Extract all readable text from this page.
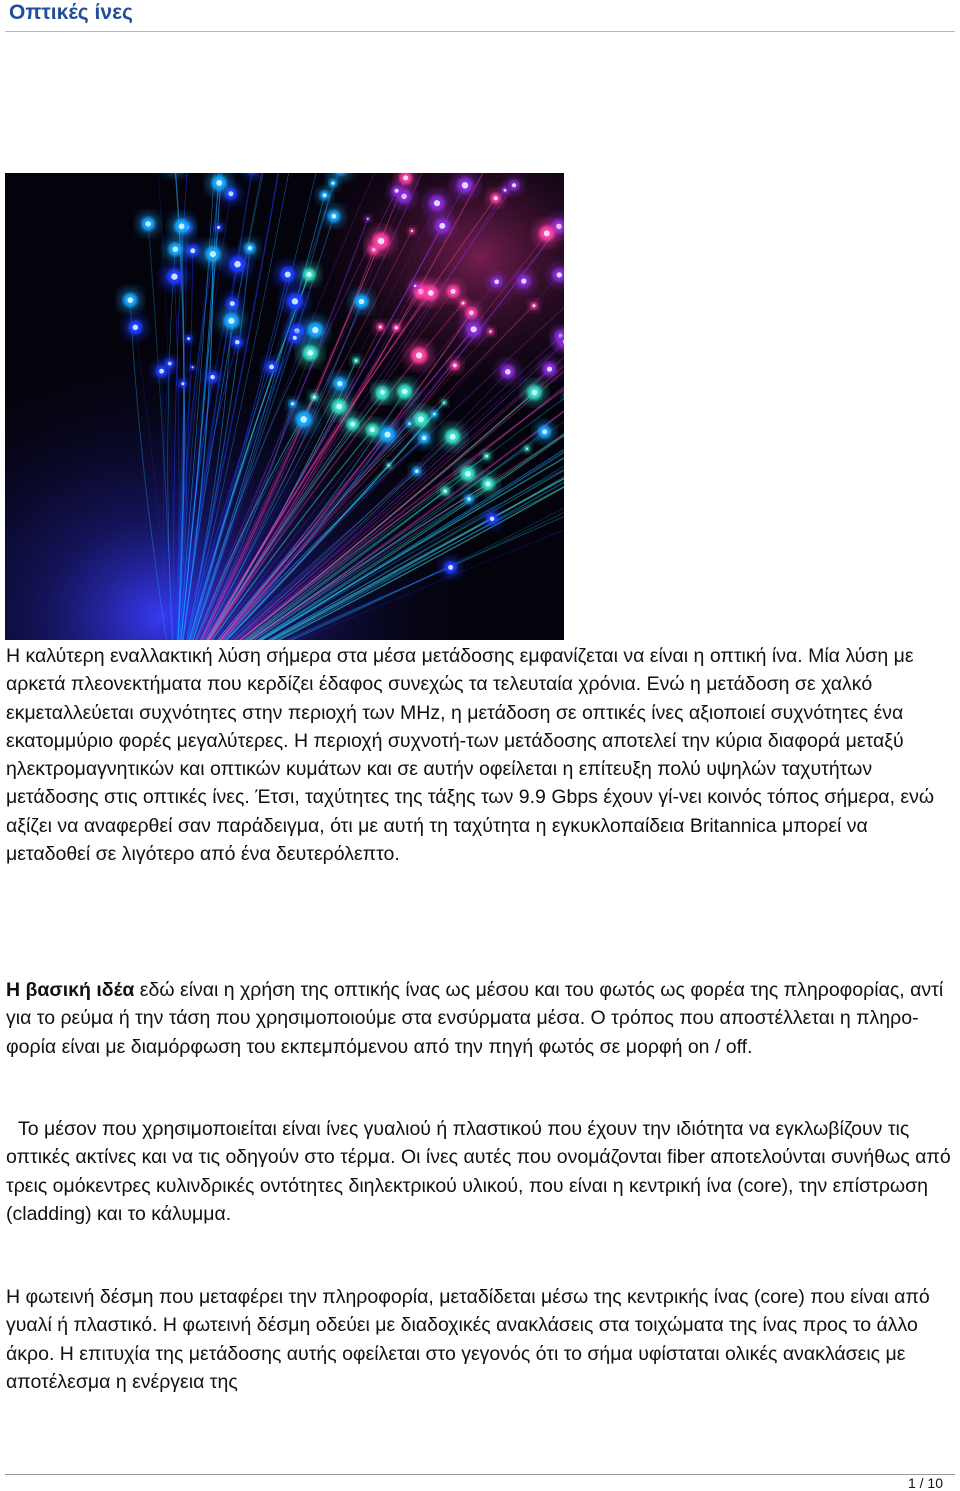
Οπτικές ίνες

Η καλύτερη εναλλακτική λύση σήμερα στα μέσα μετάδοσης εμφανίζεται να είναι η οπτική ίνα. Μία λύση με αρκετά πλεονεκτήματα που κερδίζει έδαφος συνεχώς τα τελευταία χρόνια. Ενώ η μετάδοση σε χαλκό εκμεταλλεύεται συχνότητες στην περιοχή των MHz, η μετάδοση σε οπτικές ίνες αξιοποιεί συχνότητες ένα εκατομμύριο φορές μεγαλύτερες. Η περιοχή συχνοτή-των μετάδοσης αποτελεί την κύρια διαφορά μεταξύ ηλεκτρομαγνητικών και οπτικών κυμάτων και σε αυτήν οφείλεται η επίτευξη πολύ υψηλών ταχυτήτων μετάδοσης στις οπτικές ίνες. Έτσι, ταχύτητες της τάξης των 9.9 Gbps έχουν γί-νει κοινός τόπος σήμερα, ενώ αξίζει να αναφερθεί σαν παράδειγμα, ότι με αυτή τη ταχύτητα η εγκυκλοπαίδεια Britannica μπορεί να μεταδοθεί σε λιγότερο από ένα δευτερόλεπτο.

Η βασική ιδέα εδώ είναι η χρήση της οπτικής ίνας ως μέσου και του φωτός ως φορέα της πληροφορίας, αντί για το ρεύμα ή την τάση που χρησιμοποιούμε στα ενσύρματα μέσα. Ο τρόπος που αποστέλλεται η πληρο-φορία είναι με διαμόρφωση του εκπεμπόμενου από την πηγή φωτός σε μορφή on / off.

Το μέσον που χρησιμοποιείται είναι ίνες γυαλιού ή πλαστικού που έχουν την ιδιότητα να εγκλωβίζουν τις οπτικές ακτίνες και να τις οδηγούν στο τέρμα. Οι ίνες αυτές που ονομάζονται fiber αποτελούνται συνήθως από τρεις ομόκεντρες κυλινδρικές οντότητες διηλεκτρικού υλικού, που είναι η κεντρική ίνα (core), την επίστρωση (cladding) και το κάλυμμα.

Η φωτεινή δέσμη που μεταφέρει την πληροφορία, μεταδίδεται μέσω της κεντρικής ίνας (core) που είναι από γυαλί ή πλαστικό. Η φωτεινή δέσμη οδεύει με διαδοχικές ανακλάσεις στα τοιχώματα της ίνας προς το άλλο άκρο. Η επιτυχία της μετάδοσης αυτής οφείλεται στο γεγονός ότι το σήμα υφίσταται ολικές ανακλάσεις με αποτέλεσμα η ενέργεια της

1 / 10
